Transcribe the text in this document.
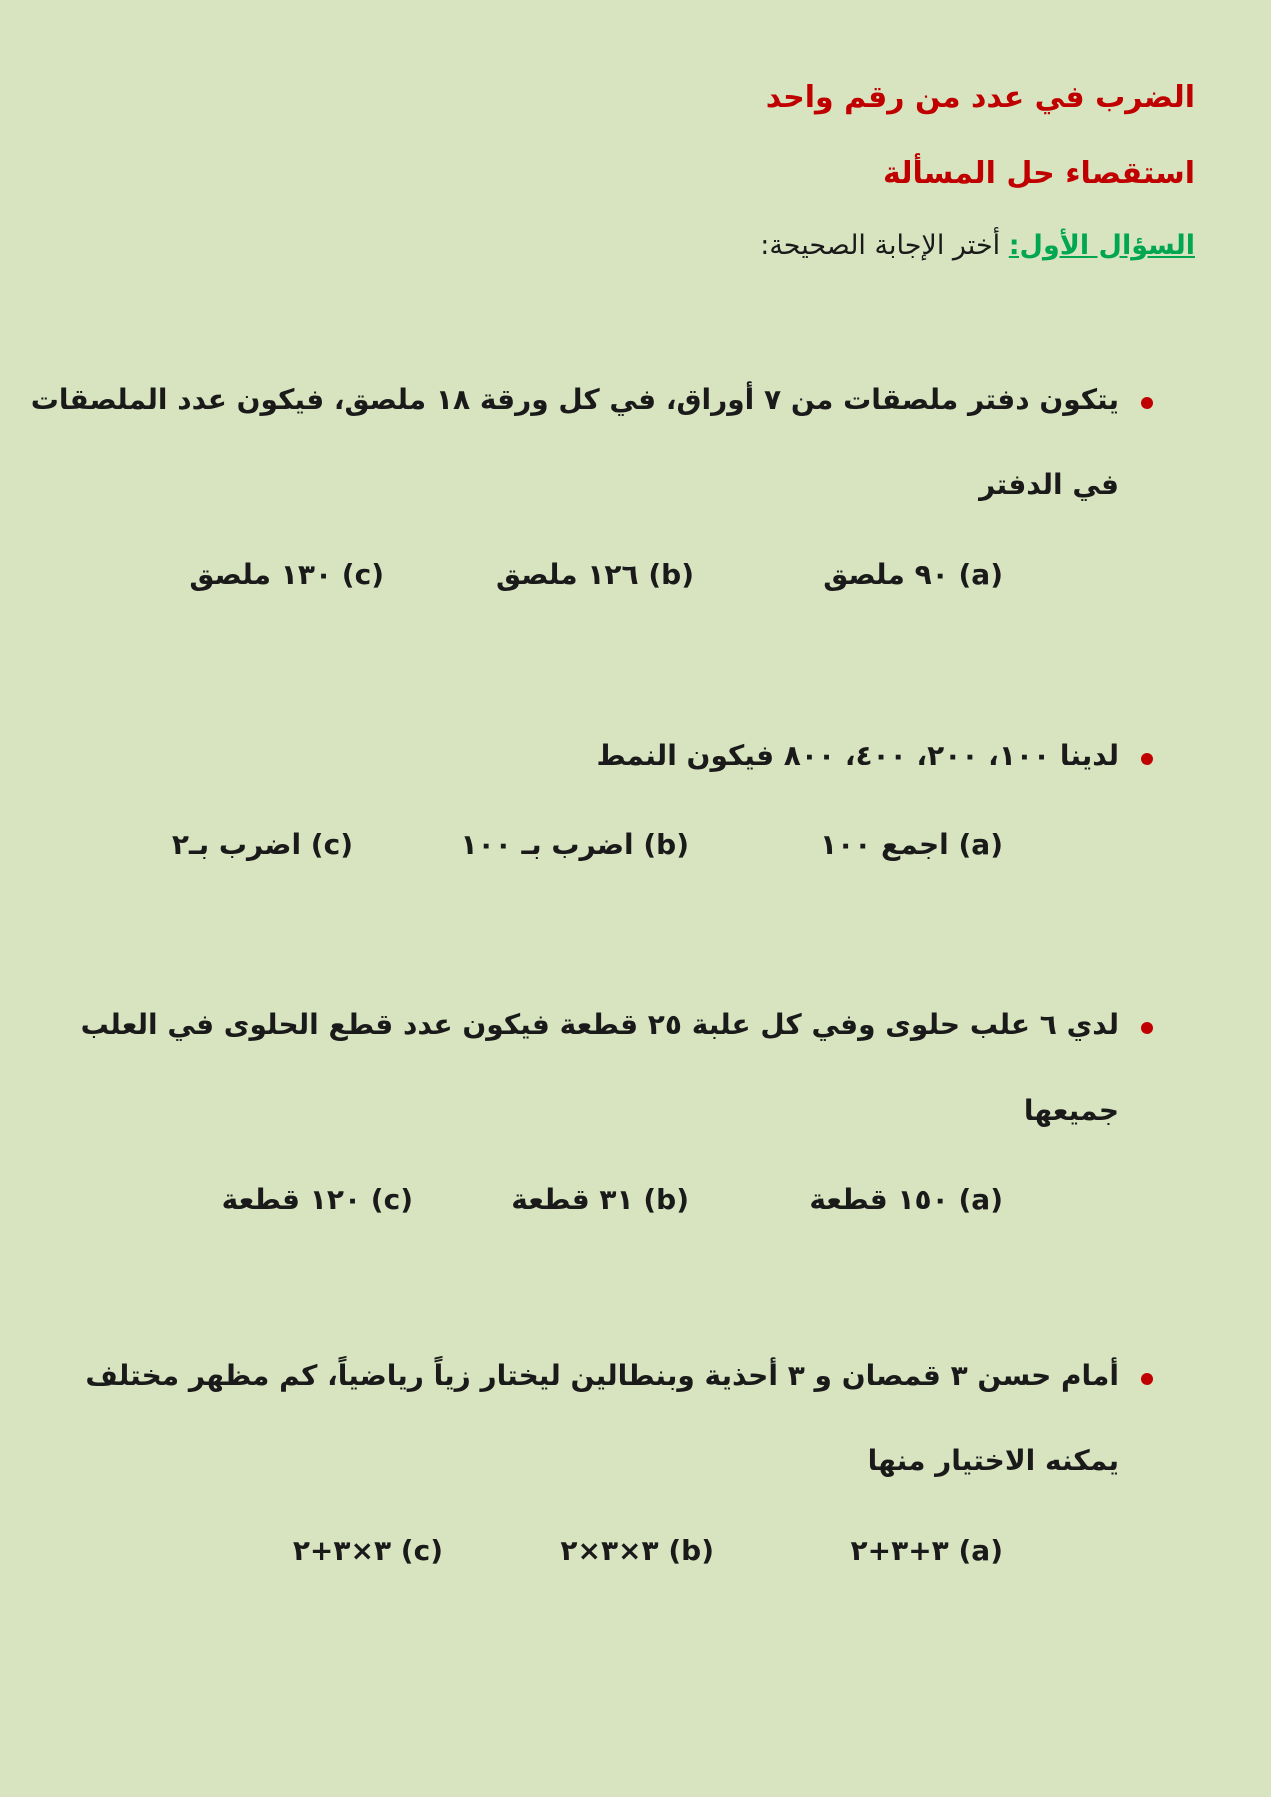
الضرب في عدد من رقم واحد
استقصاء حل المسألة
السؤال الأول: أختر الإجابة الصحيحة:
يتكون دفتر ملصقات من ٧ أوراق، في كل ورقة ١٨ ملصق، فيكون عدد الملصقات
في الدفتر
(a) ٩٠ ملصق
(b) ١٢٦ ملصق
(c) ١٣٠ ملصق
لدينا ١٠٠، ٢٠٠، ٤٠٠، ٨٠٠ فيكون النمط
(a) اجمع ١٠٠
(b) اضرب بـ ١٠٠
(c) اضرب بـ٢
لدي ٦ علب حلوى وفي كل علبة ٢٥ قطعة فيكون عدد قطع الحلوى في العلب
جميعها
(a) ١٥٠ قطعة
(b) ٣١ قطعة
(c) ١٢٠ قطعة
أمام حسن ٣ قمصان و ٣ أحذية وبنطالين ليختار زياً رياضياً، كم مظهر مختلف
يمكنه الاختيار منها
(a) ٣+٣+٢
(b) ٣×٣×٢
(c) ٣×٣+٢
